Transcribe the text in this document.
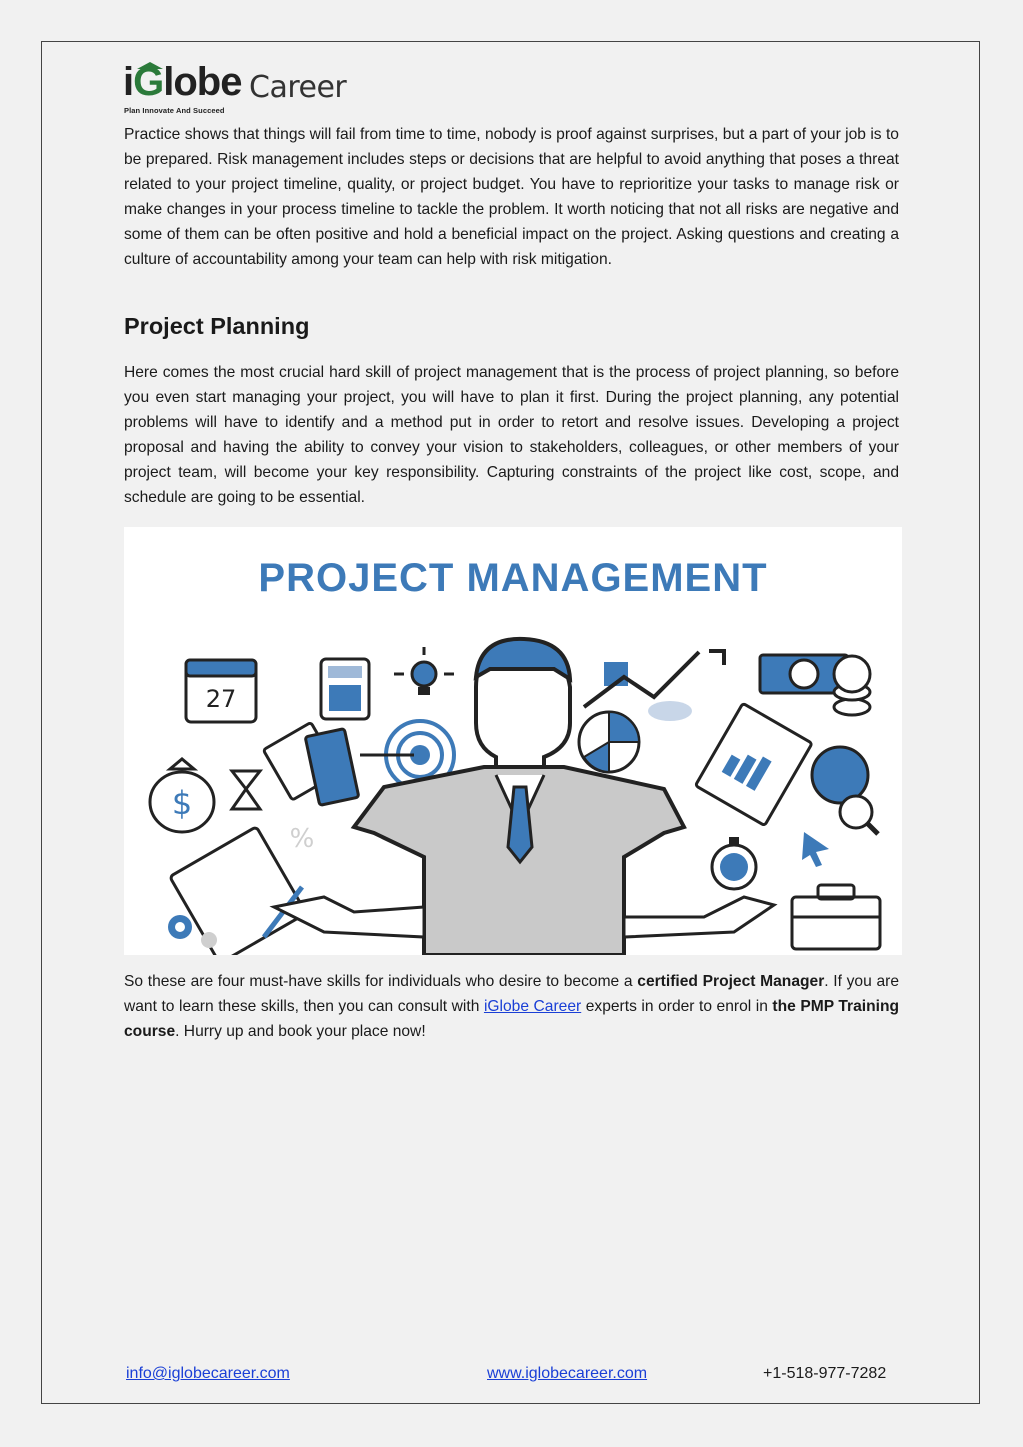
iGlobe Career
Plan Innovate And Succeed

Practice shows that things will fail from time to time, nobody is proof against surprises, but a part of your job is to be prepared. Risk management includes steps or decisions that are helpful to avoid anything that poses a threat related to your project timeline, quality, or project budget. You have to reprioritize your tasks to manage risk or make changes in your process timeline to tackle the problem. It worth noticing that not all risks are negative and some of them can be often positive and hold a beneficial impact on the project. Asking questions and creating a culture of accountability among your team can help with risk mitigation.

Project Planning

Here comes the most crucial hard skill of project management that is the process of project planning, so before you even start managing your project, you will have to plan it first. During the project planning, any potential problems will have to identify and a method put in order to retort and resolve issues. Developing a project proposal and having the ability to convey your vision to stakeholders, colleagues, or other members of your project team, will become your key responsibility. Capturing constraints of the project like cost, scope, and schedule are going to be essential.

PROJECT MANAGEMENT
27
$
%

So these are four must-have skills for individuals who desire to become a certified Project Manager. If you are want to learn these skills, then you can consult with iGlobe Career experts in order to enrol in the PMP Training course. Hurry up and book your place now!

info@iglobecareer.com	www.iglobecareer.com	+1-518-977-7282
